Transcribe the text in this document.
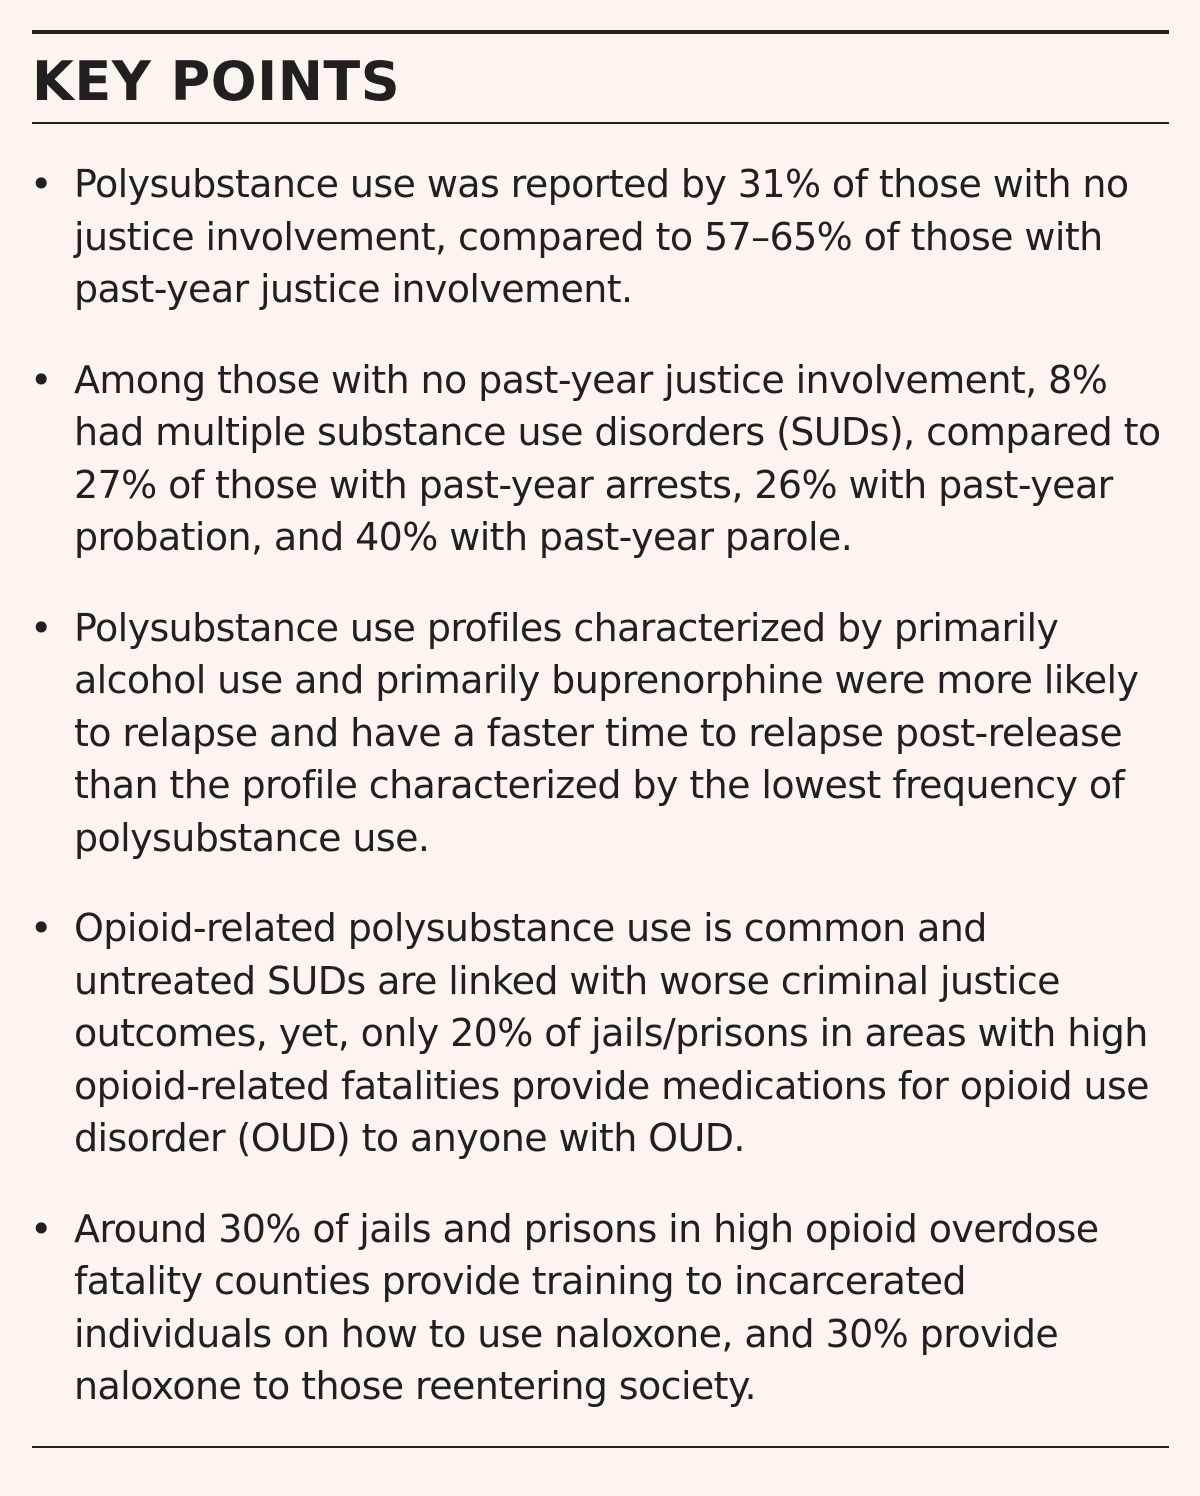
KEY POINTS
• Polysubstance use was reported by 31% of those with no justice involvement, compared to 57–65% of those with past-year justice involvement.
• Among those with no past-year justice involvement, 8% had multiple substance use disorders (SUDs), compared to 27% of those with past-year arrests, 26% with past-year probation, and 40% with past-year parole.
• Polysubstance use profiles characterized by primarily alcohol use and primarily buprenorphine were more likely to relapse and have a faster time to relapse post-release than the profile characterized by the lowest frequency of polysubstance use.
• Opioid-related polysubstance use is common and untreated SUDs are linked with worse criminal justice outcomes, yet, only 20% of jails/prisons in areas with high opioid-related fatalities provide medications for opioid use disorder (OUD) to anyone with OUD.
• Around 30% of jails and prisons in high opioid overdose fatality counties provide training to incarcerated individuals on how to use naloxone, and 30% provide naloxone to those reentering society.
